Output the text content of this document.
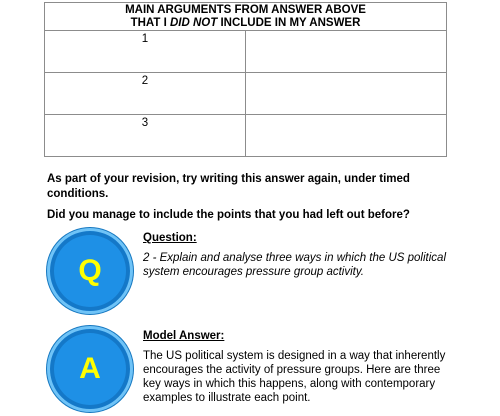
MAIN ARGUMENTS FROM ANSWER ABOVE
THAT I DID NOT INCLUDE IN MY ANSWER	

1	
2	
3	
As part of your revision, try writing this answer again, under timed conditions.
Did you manage to include the points that you had left out before?
Q
Question:
2 - Explain and analyse three ways in which the US political system encourages pressure group activity.
A
Model Answer:
The US political system is designed in a way that inherently encourages the activity of pressure groups. Here are three key ways in which this happens, along with contemporary examples to illustrate each point.
